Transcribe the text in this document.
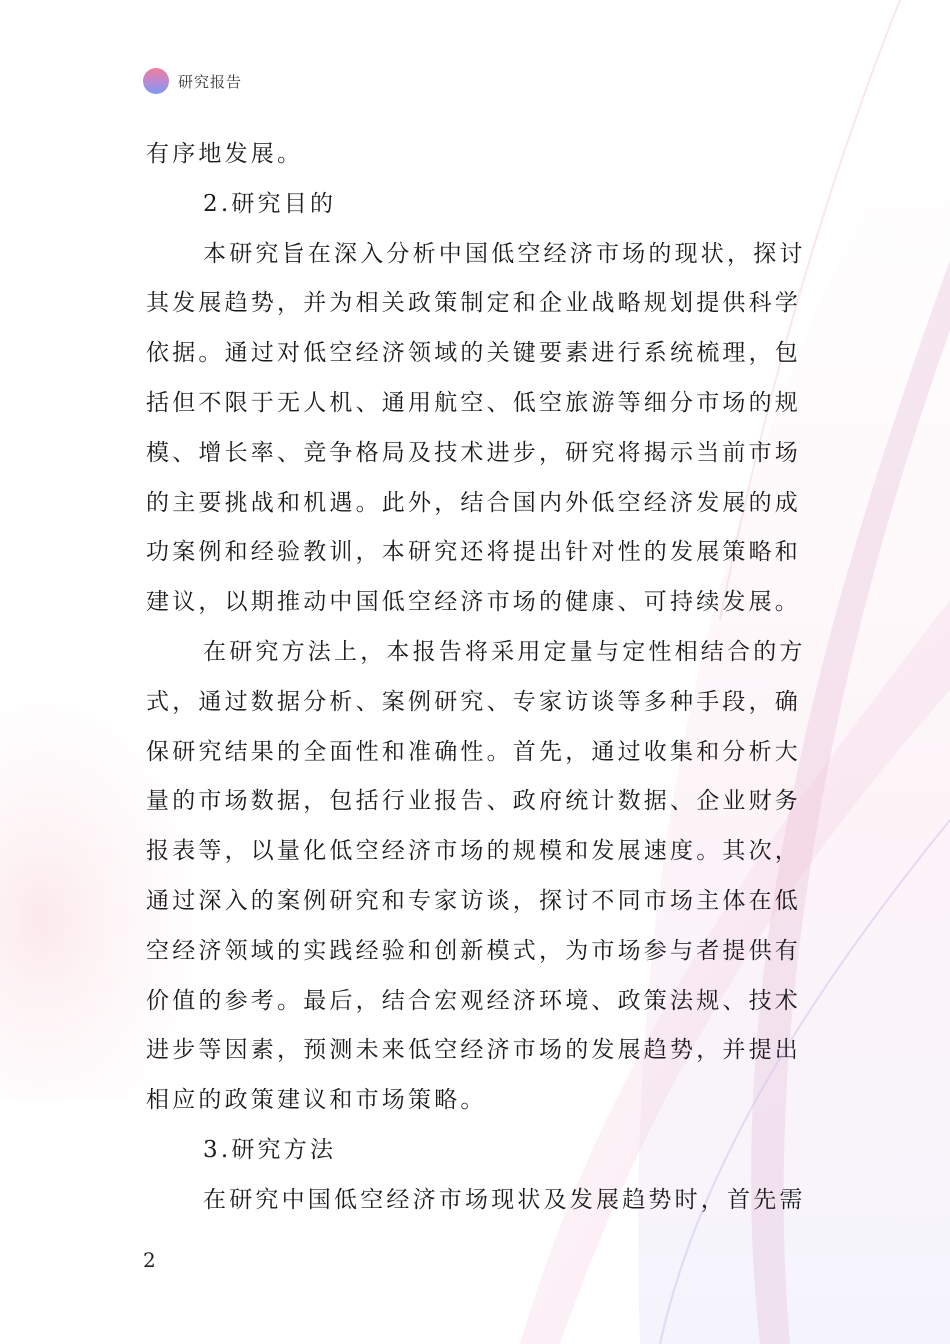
研究报告
有序地发展。
2.研究目的
本研究旨在深入分析中国低空经济市场的现状，探讨
其发展趋势，并为相关政策制定和企业战略规划提供科学
依据。通过对低空经济领域的关键要素进行系统梳理，包
括但不限于无人机、通用航空、低空旅游等细分市场的规
模、增长率、竞争格局及技术进步，研究将揭示当前市场
的主要挑战和机遇。此外，结合国内外低空经济发展的成
功案例和经验教训，本研究还将提出针对性的发展策略和
建议，以期推动中国低空经济市场的健康、可持续发展。
在研究方法上，本报告将采用定量与定性相结合的方
式，通过数据分析、案例研究、专家访谈等多种手段，确
保研究结果的全面性和准确性。首先，通过收集和分析大
量的市场数据，包括行业报告、政府统计数据、企业财务
报表等，以量化低空经济市场的规模和发展速度。其次，
通过深入的案例研究和专家访谈，探讨不同市场主体在低
空经济领域的实践经验和创新模式，为市场参与者提供有
价值的参考。最后，结合宏观经济环境、政策法规、技术
进步等因素，预测未来低空经济市场的发展趋势，并提出
相应的政策建议和市场策略。
3.研究方法
在研究中国低空经济市场现状及发展趋势时，首先需
2
